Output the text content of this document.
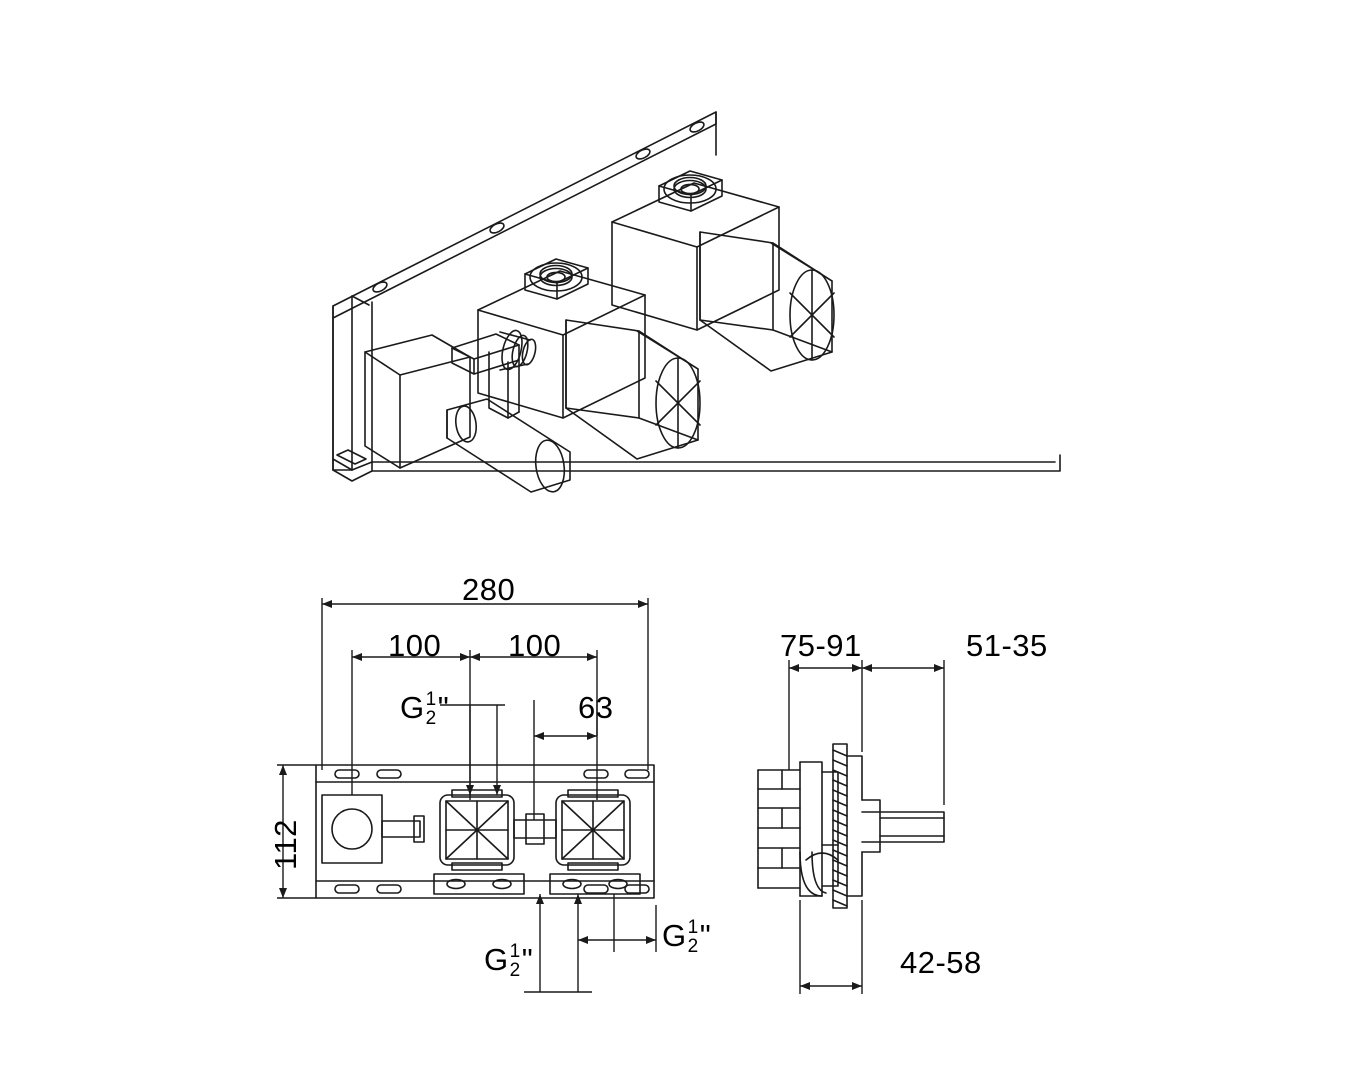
280
100 100
63
112
75-91	51-35
42-58
G 1
2 "
G 1
2 "
G 1
2 "
